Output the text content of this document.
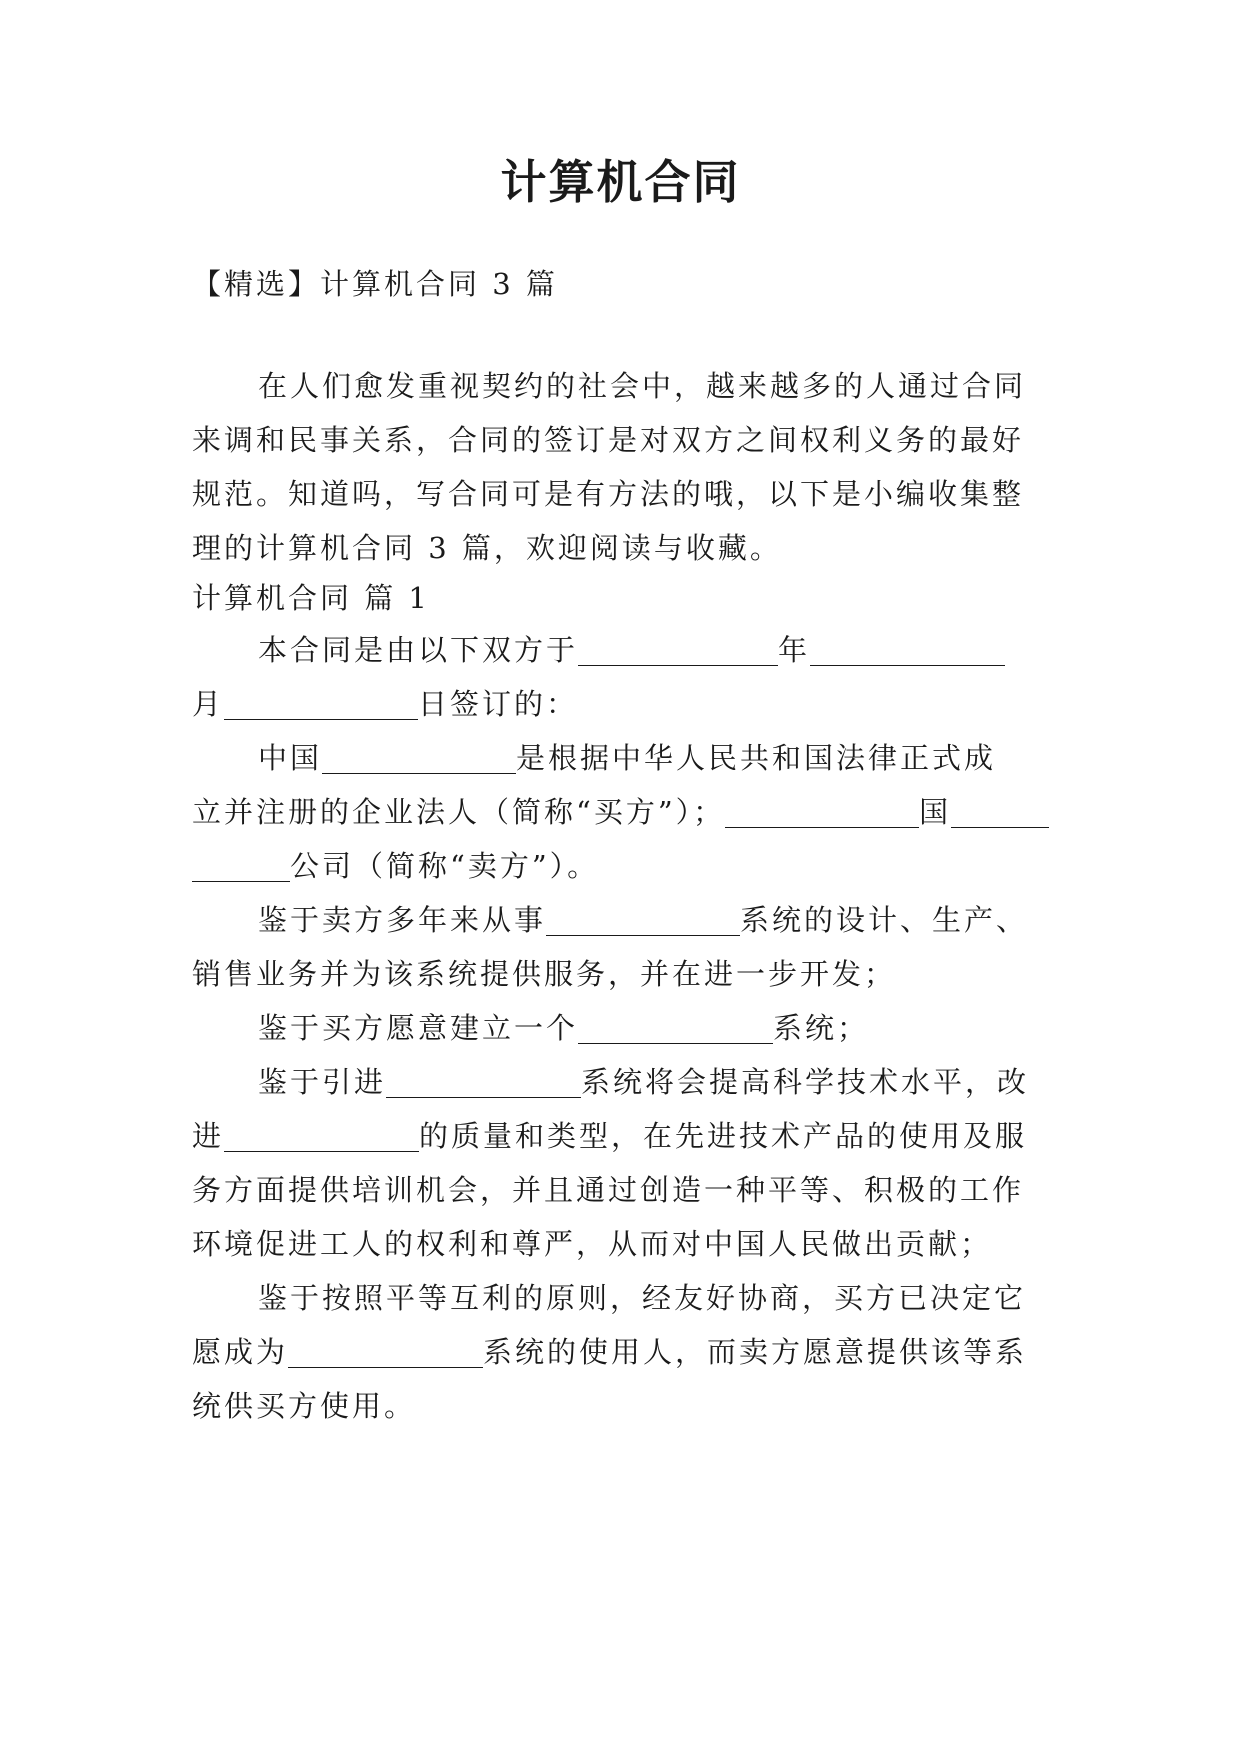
计算机合同
【精选】计算机合同 3 篇
在人们愈发重视契约的社会中，越来越多的人通过合同
来调和民事关系，合同的签订是对双方之间权利义务的最好
规范。知道吗，写合同可是有方法的哦，以下是小编收集整
理的计算机合同 3 篇，欢迎阅读与收藏。
计算机合同 篇 1
本合同是由以下双方于	年
月	日签订的：
中国	是根据中华人民共和国法律正式成
立并注册的企业法人（简称“买方”）；	国
公司（简称“卖方”）。
鉴于卖方多年来从事	系统的设计、生产、
销售业务并为该系统提供服务，并在进一步开发；
鉴于买方愿意建立一个	系统；
鉴于引进	系统将会提高科学技术水平，改
进	的质量和类型，在先进技术产品的使用及服
务方面提供培训机会，并且通过创造一种平等、积极的工作
环境促进工人的权利和尊严，从而对中国人民做出贡献；
鉴于按照平等互利的原则，经友好协商，买方已决定它
愿成为	系统的使用人，而卖方愿意提供该等系
统供买方使用。
